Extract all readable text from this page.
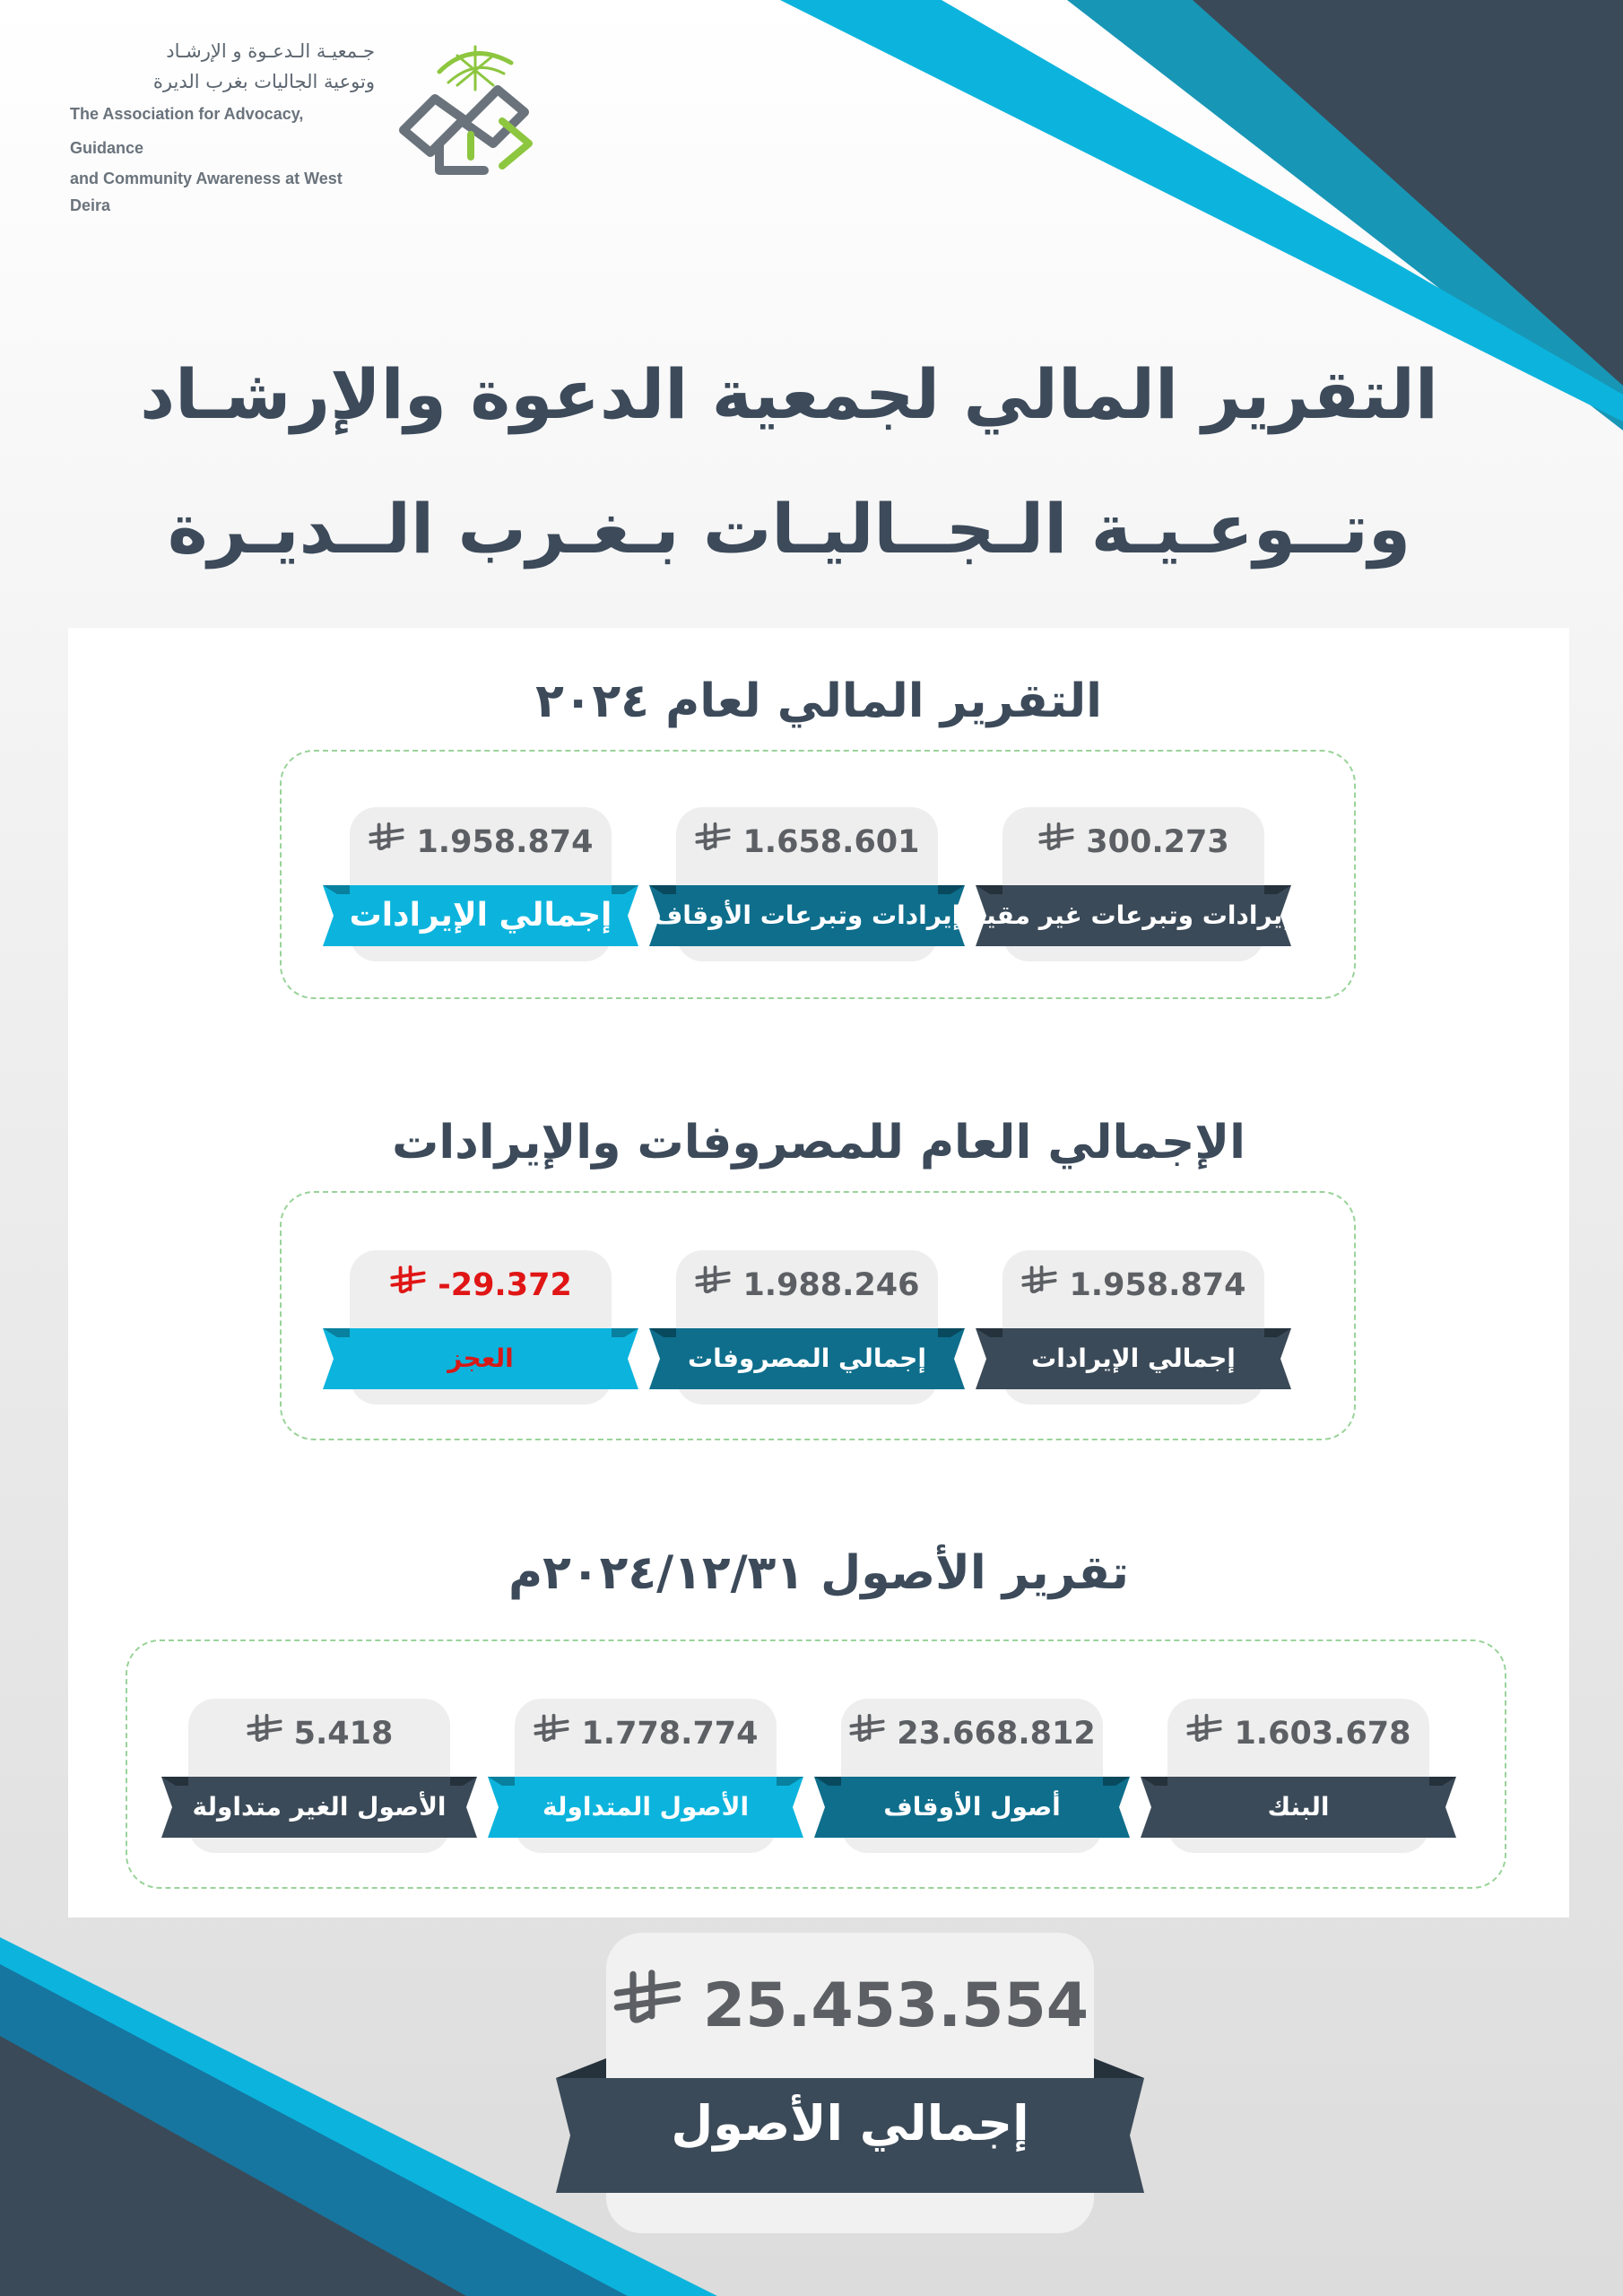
جـمعيـة الـدعـوة و الإرشـاد
وتوعية الجاليات بغرب الديرة
The Association for Advocacy, Guidance
and Community Awareness at West Deira
التقرير المالي لجمعية الدعوة والإرشـاد
وتــوعـيـة الـجــاليـات بـغـرب الــديـرة
التقرير المالي لعام ٢٠٢٤
300.273
إيرادات وتبرعات غير مقيدة
1.658.601
إيرادات وتبرعات الأوقاف
1.958.874
إجمالي الإيرادات
الإجمالي العام للمصروفات والإيرادات
1.958.874
إجمالي الإيرادات
1.988.246
إجمالي المصروفات
-29.372
العجز
تقرير الأصول ٢٠٢٤/١٢/٣١م
1.603.678
البنك
23.668.812
أصول الأوقاف
1.778.774
الأصول المتداولة
5.418
الأصول الغير متداولة
25.453.554
إجمالي الأصول
